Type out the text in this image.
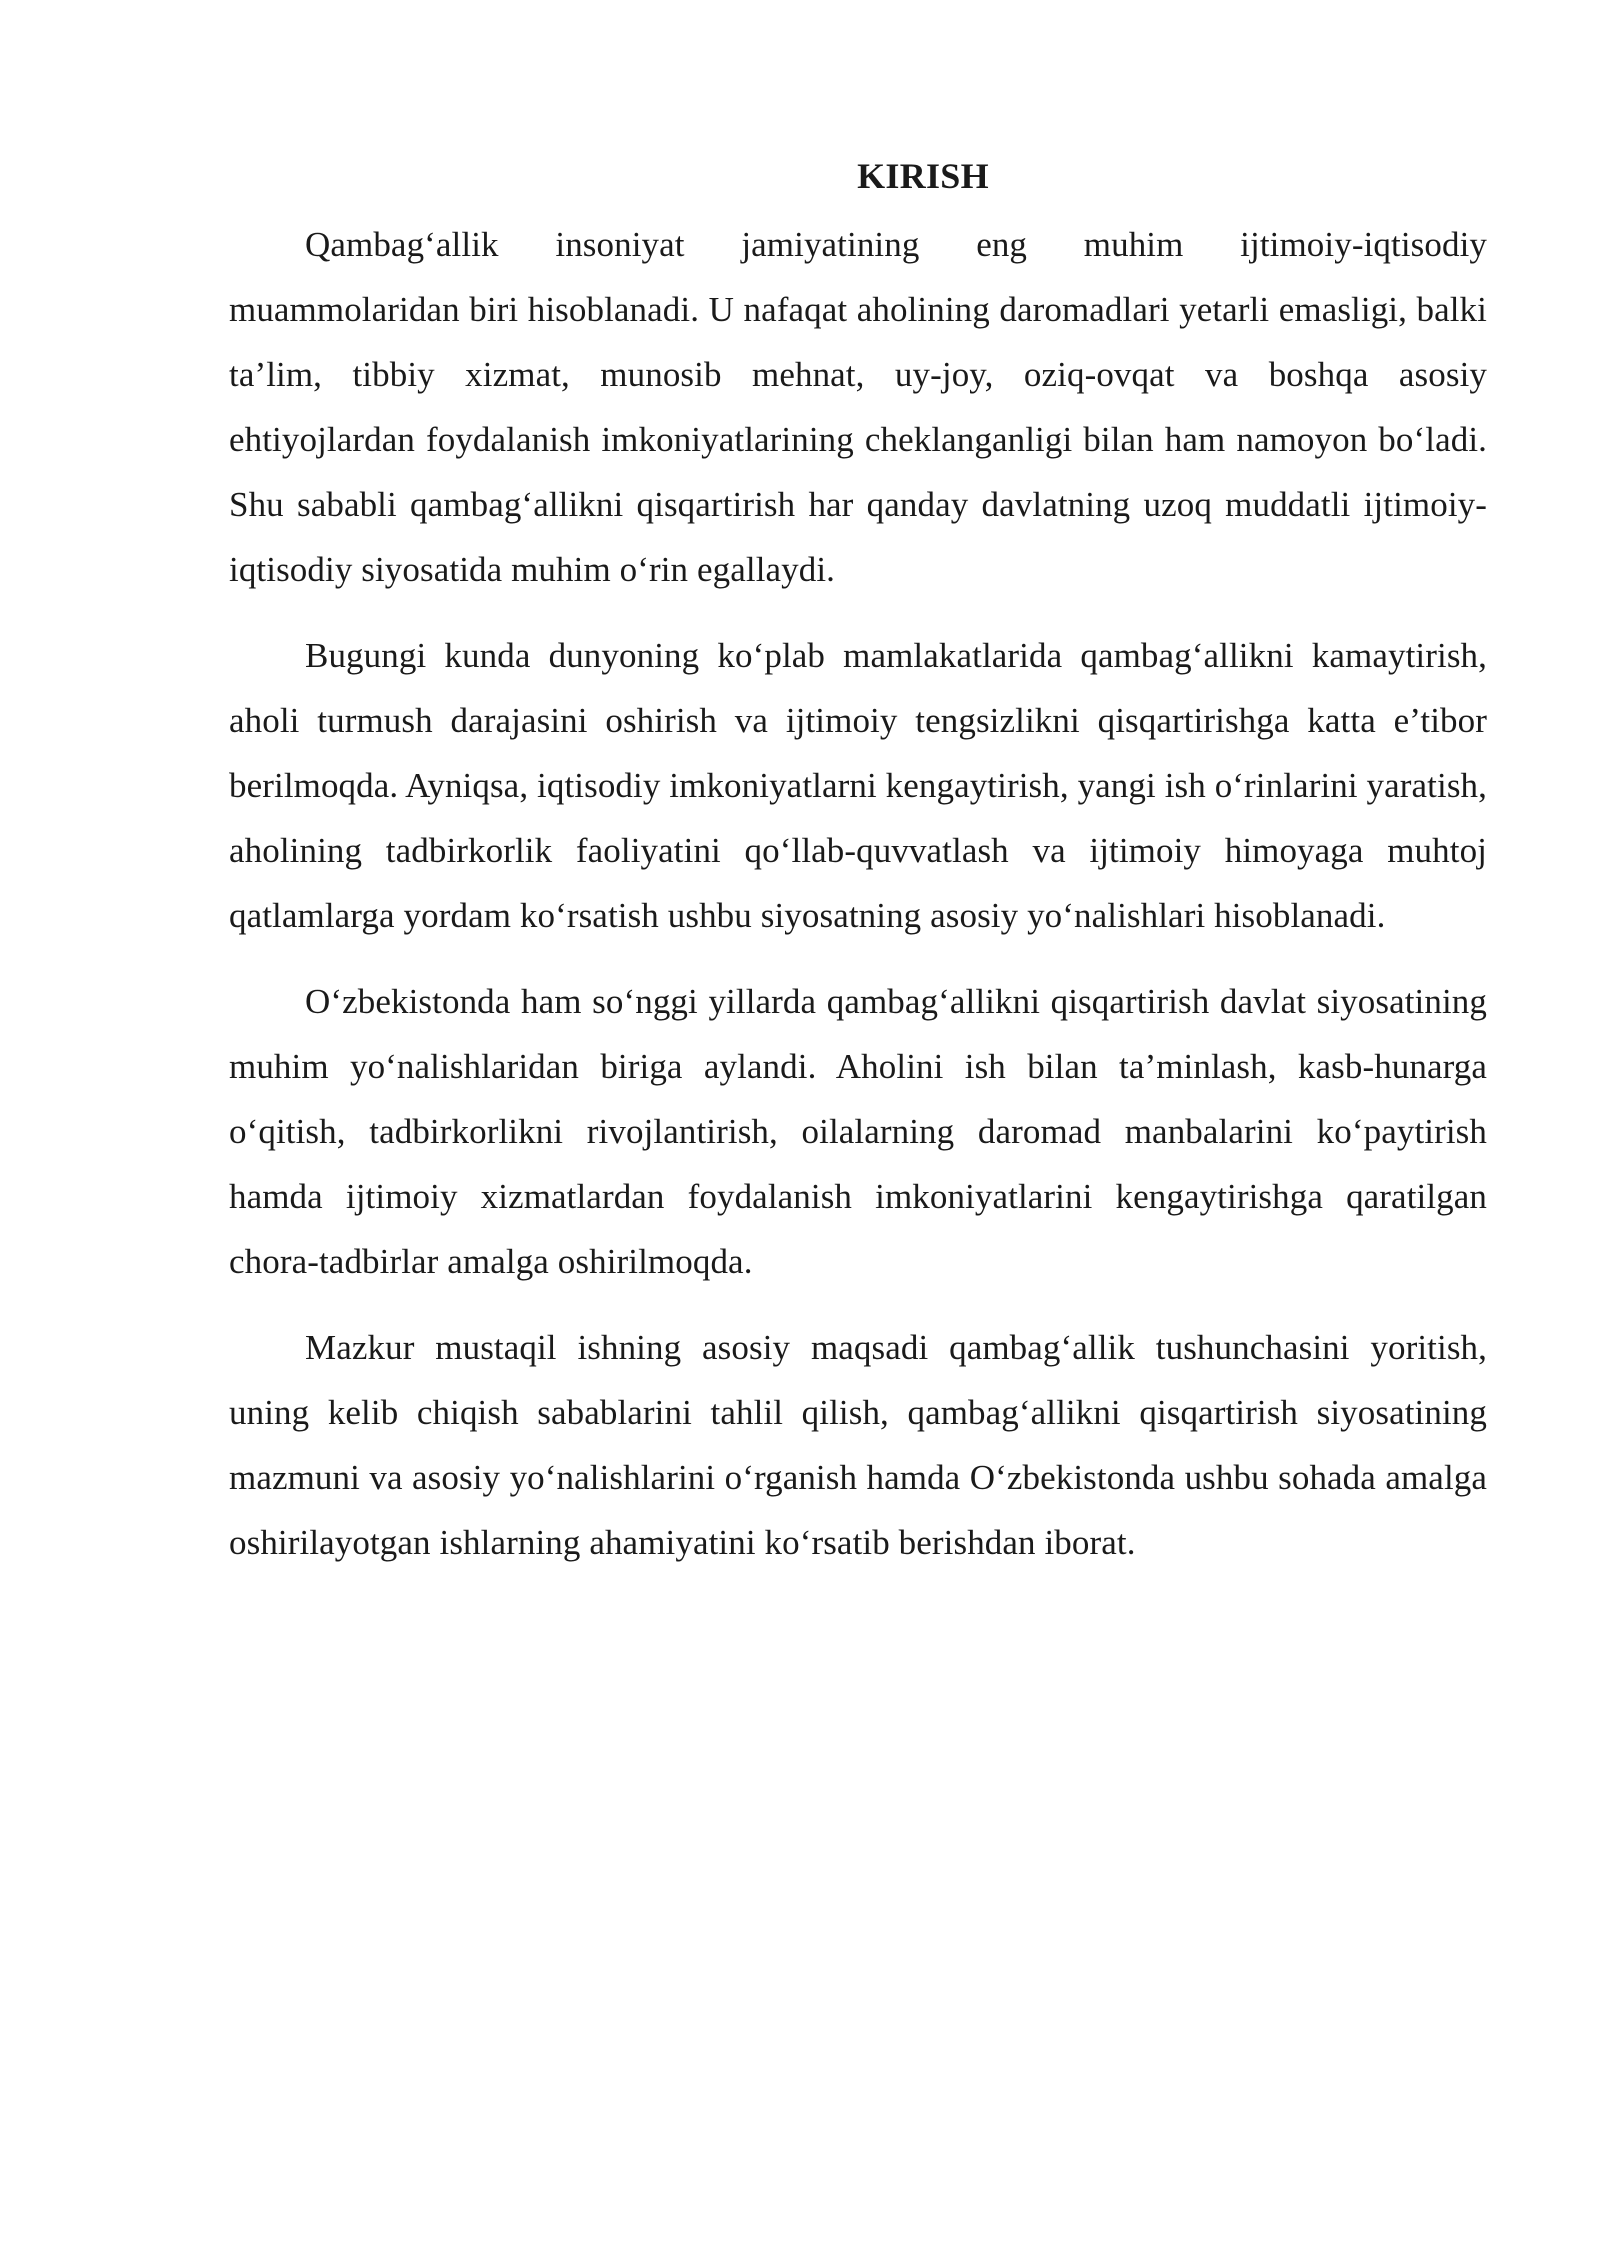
KIRISH

Qambag‘allik insoniyat jamiyatining eng muhim ijtimoiy-iqtisodiy muammolaridan biri hisoblanadi. U nafaqat aholining daromadlari yetarli emasligi, balki ta’lim, tibbiy xizmat, munosib mehnat, uy-joy, oziq-ovqat va boshqa asosiy ehtiyojlardan foydalanish imkoniyatlarining cheklanganligi bilan ham namoyon bo‘ladi. Shu sababli qambag‘allikni qisqartirish har qanday davlatning uzoq muddatli ijtimoiy-iqtisodiy siyosatida muhim o‘rin egallaydi.

Bugungi kunda dunyoning ko‘plab mamlakatlarida qambag‘allikni kamaytirish, aholi turmush darajasini oshirish va ijtimoiy tengsizlikni qisqartirishga katta e’tibor berilmoqda. Ayniqsa, iqtisodiy imkoniyatlarni kengaytirish, yangi ish o‘rinlarini yaratish, aholining tadbirkorlik faoliyatini qo‘llab-quvvatlash va ijtimoiy himoyaga muhtoj qatlamlarga yordam ko‘rsatish ushbu siyosatning asosiy yo‘nalishlari hisoblanadi.

O‘zbekistonda ham so‘nggi yillarda qambag‘allikni qisqartirish davlat siyosatining muhim yo‘nalishlaridan biriga aylandi. Aholini ish bilan ta’minlash, kasb-hunarga o‘qitish, tadbirkorlikni rivojlantirish, oilalarning daromad manbalarini ko‘paytirish hamda ijtimoiy xizmatlardan foydalanish imkoniyatlarini kengaytirishga qaratilgan chora-tadbirlar amalga oshirilmoqda.

Mazkur mustaqil ishning asosiy maqsadi qambag‘allik tushunchasini yoritish, uning kelib chiqish sabablarini tahlil qilish, qambag‘allikni qisqartirish siyosatining mazmuni va asosiy yo‘nalishlarini o‘rganish hamda O‘zbekistonda ushbu sohada amalga oshirilayotgan ishlarning ahamiyatini ko‘rsatib berishdan iborat.
